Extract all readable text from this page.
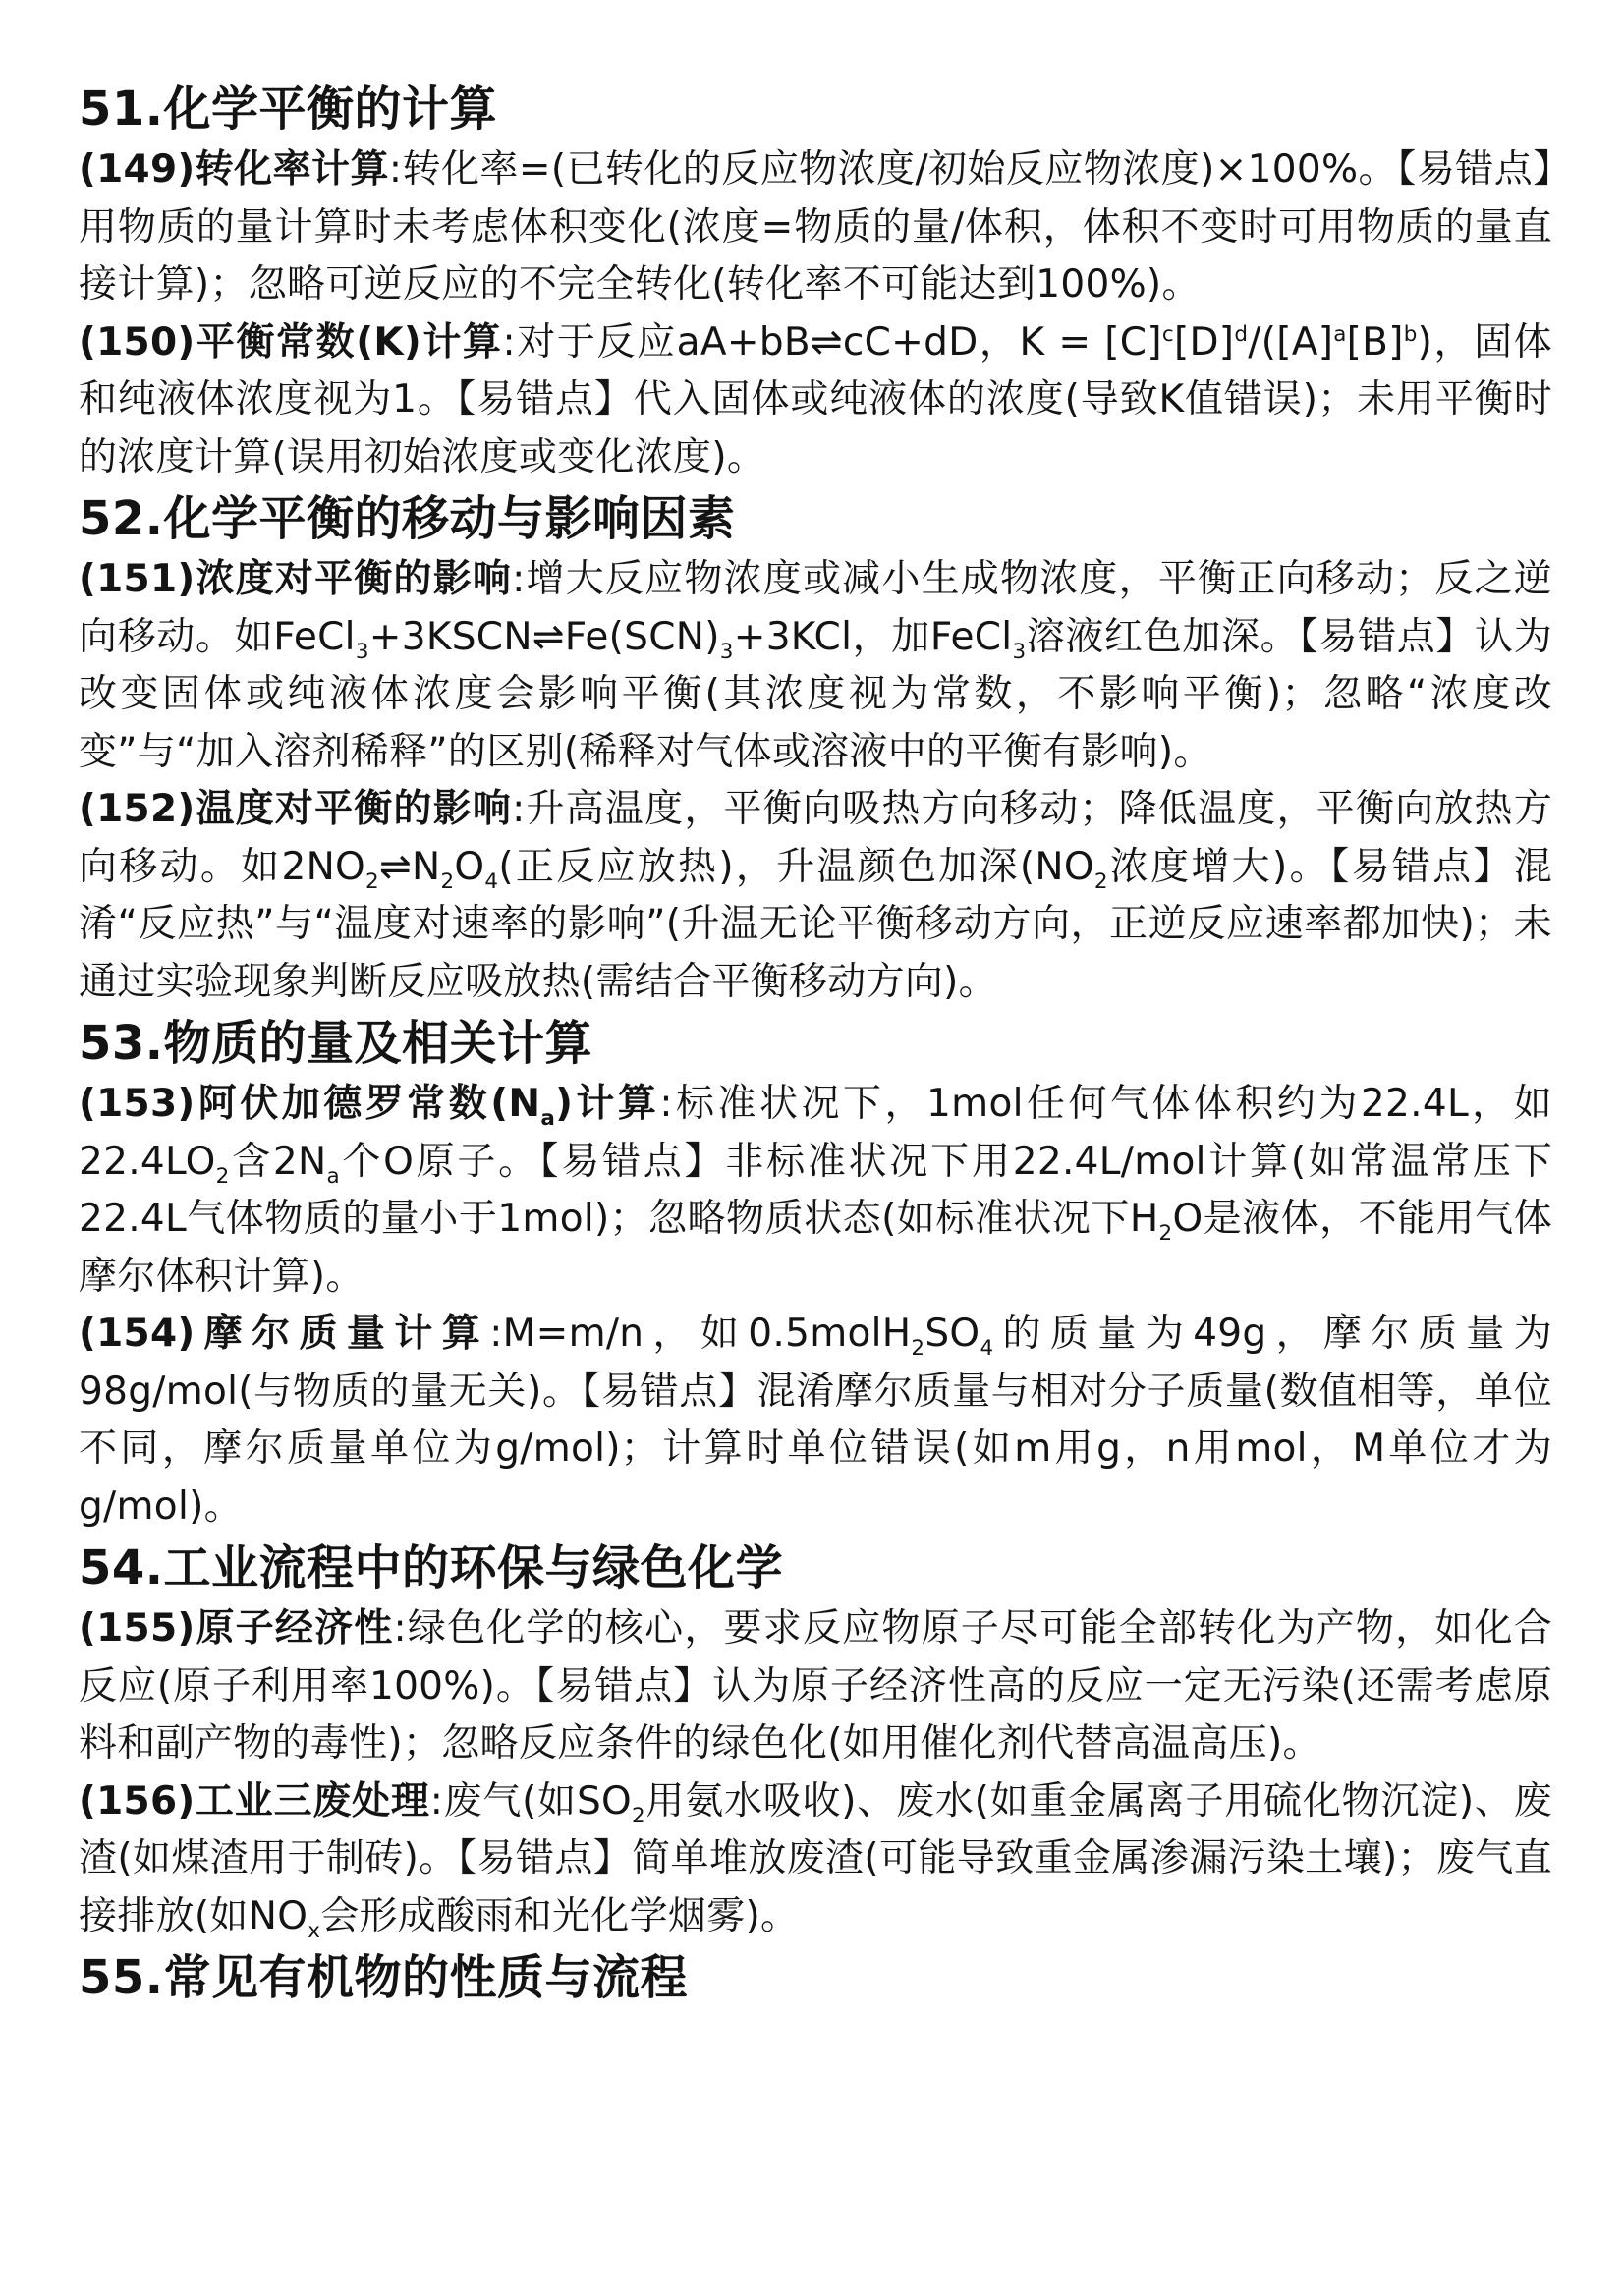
51.化学平衡的计算

(149)转化率计算:转化率=(已转化的反应物浓度/初始反应物浓度)×100%。【易错点】用物质的量计算时未考虑体积变化(浓度=物质的量/体积，体积不变时可用物质的量直接计算)；忽略可逆反应的不完全转化(转化率不可能达到100%)。

(150)平衡常数(K)计算:对于反应aA+bB⇌cC+dD，$K = [C]^c[D]^d/([A]^a[B]^b)$，固体和纯液体浓度视为1。【易错点】代入固体或纯液体的浓度(导致K值错误)；未用平衡时的浓度计算(误用初始浓度或变化浓度)。

52.化学平衡的移动与影响因素

(151)浓度对平衡的影响:增大反应物浓度或减小生成物浓度，平衡正向移动；反之逆向移动。如$FeCl_3+3KSCN\rightleftharpoons Fe(SCN)_3+3KCl$，加FeCl$_3$溶液红色加深。【易错点】认为改变固体或纯液体浓度会影响平衡(其浓度视为常数，不影响平衡)；忽略“浓度改变”与“加入溶剂稀释”的区别(稀释对气体或溶液中的平衡有影响)。

(152)温度对平衡的影响:升高温度，平衡向吸热方向移动；降低温度，平衡向放热方向移动。如$2NO_2\rightleftharpoons N_2O_4$(正反应放热)，升温颜色加深($NO_2$浓度增大)。【易错点】混淆“反应热”与“温度对速率的影响”(升温无论平衡移动方向，正逆反应速率都加快)；未通过实验现象判断反应吸放热(需结合平衡移动方向)。

53.物质的量及相关计算

(153)阿伏加德罗常数$(N_a)$计算:标准状况下，1mol任何气体体积约为22.4L，如$22.4LO_2$含$2N_a$个O原子。【易错点】非标准状况下用22.4L/mol计算(如常温常压下22.4L气体物质的量小于1mol)；忽略物质状态(如标准状况下$H_2O$是液体，不能用气体摩尔体积计算)。

(154)摩尔质量计算:M=m/n，如$0.5molH_2SO_4$的质量为49g，摩尔质量为98g/mol(与物质的量无关)。【易错点】混淆摩尔质量与相对分子质量(数值相等，单位不同，摩尔质量单位为g/mol)；计算时单位错误(如m用g，n用mol，M单位才为g/mol)。

54.工业流程中的环保与绿色化学

(155)原子经济性:绿色化学的核心，要求反应物原子尽可能全部转化为产物，如化合反应(原子利用率100%)。【易错点】认为原子经济性高的反应一定无污染(还需考虑原料和副产物的毒性)；忽略反应条件的绿色化(如用催化剂代替高温高压)。

(156)工业三废处理:废气(如$SO_2$用氨水吸收)、废水(如重金属离子用硫化物沉淀)、废渣(如煤渣用于制砖)。【易错点】简单堆放废渣(可能导致重金属渗漏污染土壤)；废气直接排放(如$NO_x$会形成酸雨和光化学烟雾)。

55.常见有机物的性质与流程
